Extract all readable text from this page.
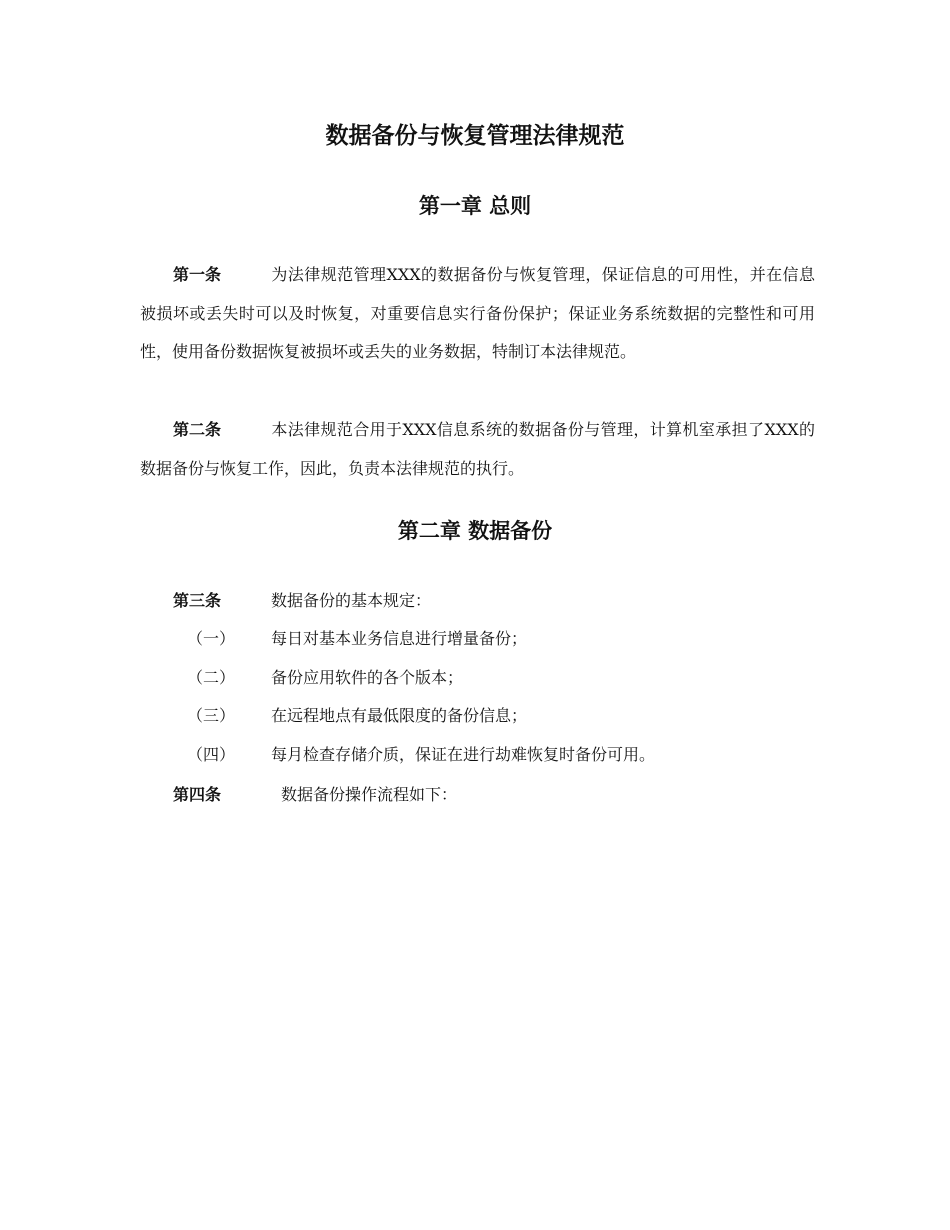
数据备份与恢复管理法律规范
第一章 总则
第一条	为法律规范管理XXX的数据备份与恢复管理，保证信息的可用性，并在信息被损坏或丢失时可以及时恢复，对重要信息实行备份保护；保证业务系统数据的完整性和可用性，使用备份数据恢复被损坏或丢失的业务数据，特制订本法律规范。
第二条	本法律规范合用于XXX信息系统的数据备份与管理，计算机室承担了XXX的数据备份与恢复工作，因此，负责本法律规范的执行。
第二章 数据备份
第三条	数据备份的基本规定：
（一） 每日对基本业务信息进行增量备份；
（二） 备份应用软件的各个版本；
（三） 在远程地点有最低限度的备份信息；
（四） 每月检查存储介质，保证在进行劫难恢复时备份可用。
第四条	数据备份操作流程如下：
